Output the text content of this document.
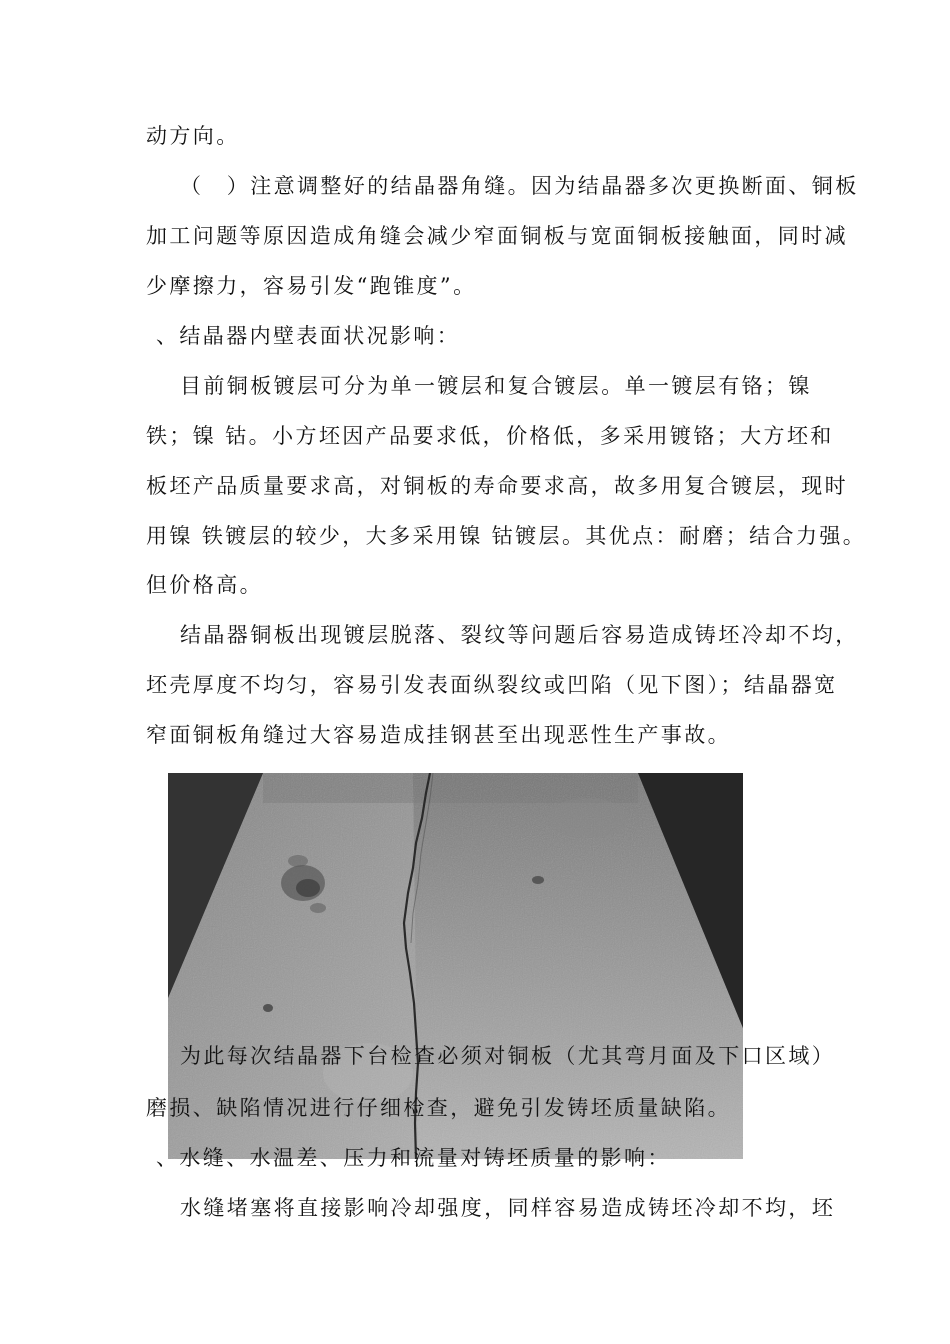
动方向。
（　）注意调整好的结晶器角缝。因为结晶器多次更换断面、铜板
加工问题等原因造成角缝会减少窄面铜板与宽面铜板接触面，同时减
少摩擦力，容易引发“跑锥度”。
、结晶器内壁表面状况影响：
目前铜板镀层可分为单一镀层和复合镀层。单一镀层有铬；镍
铁；镍 钴。小方坯因产品要求低，价格低，多采用镀铬；大方坯和
板坯产品质量要求高，对铜板的寿命要求高，故多用复合镀层，现时
用镍 铁镀层的较少，大多采用镍 钴镀层。其优点：耐磨；结合力强。
但价格高。
结晶器铜板出现镀层脱落、裂纹等问题后容易造成铸坯冷却不均，
坯壳厚度不均匀，容易引发表面纵裂纹或凹陷（见下图）；结晶器宽
窄面铜板角缝过大容易造成挂钢甚至出现恶性生产事故。
为此每次结晶器下台检查必须对铜板（尤其弯月面及下口区域）
磨损、缺陷情况进行仔细检查，避免引发铸坯质量缺陷。
、水缝、水温差、压力和流量对铸坯质量的影响：
水缝堵塞将直接影响冷却强度，同样容易造成铸坯冷却不均，坯
